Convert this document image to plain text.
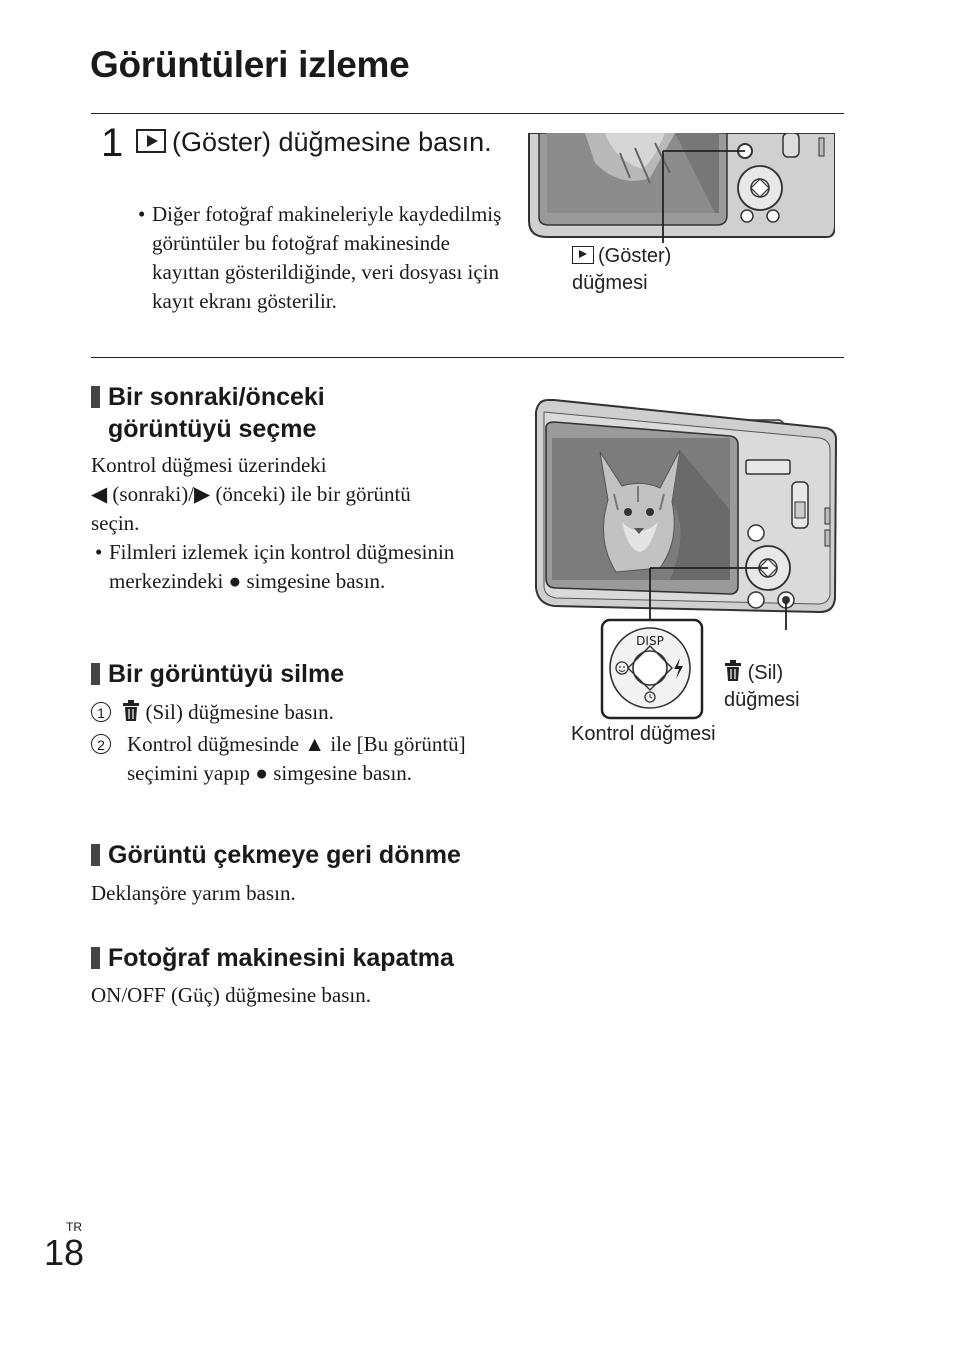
Görüntüleri izleme
1	(Göster) düğmesine basın.
• Diğer fotoğraf makineleriyle kaydedilmiş görüntüler bu fotoğraf makinesinde kayıttan gösterildiğinde, veri dosyası için kayıt ekranı gösterilir.
(Göster)
düğmesi
Bir sonraki/önceki
görüntüyü seçme
Kontrol düğmesi üzerindeki
◀ (sonraki)/▶ (önceki) ile bir görüntü
seçin.
• Filmleri izlemek için kontrol düğmesinin merkezindeki ● simgesine basın.
DISP
(Sil)
düğmesi
Kontrol düğmesi
Bir görüntüyü silme
1 (Sil) düğmesine basın.
2	Kontrol düğmesinde ▲ ile [Bu görüntü] seçimini yapıp ● simgesine basın.
Görüntü çekmeye geri dönme
Deklanşöre yarım basın.
Fotoğraf makinesini kapatma
ON/OFF (Güç) düğmesine basın.
TR
18
